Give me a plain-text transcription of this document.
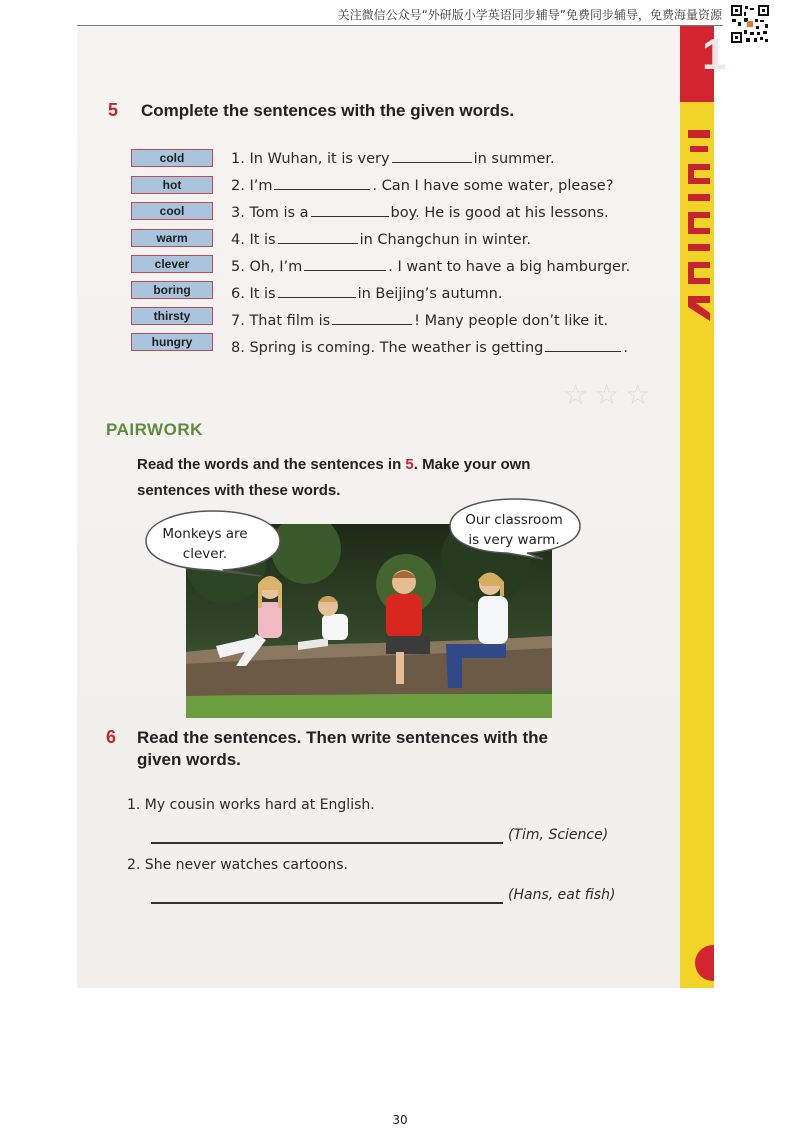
关注微信公众号“外研版小学英语同步辅导”免费同步辅导，免费海量资源
1
5 Complete the sentences with the given words.
cold
hot
cool
warm
clever
boring
thirsty
hungry
1. In Wuhan, it is very	in summer.
2. I’m	. Can I have some water, please?
3. Tom is a	boy. He is good at his lessons.
4. It is	in Changchun in winter.
5. Oh, I’m	. I want to have a big hamburger.
6. It is	in Beijing’s autumn.
7. That film is	! Many people don’t like it.
8. Spring is coming. The weather is getting	.
☆☆☆
PAIRWORK
Read the words and the sentences in 5. Make your own
sentences with these words.
Monkeys are
clever.
Our classroom
is very warm.
6 Read the sentences. Then write sentences with the
given words.
1. My cousin works hard at English.
(Tim, Science)
2. She never watches cartoons.
(Hans, eat fish)
30
